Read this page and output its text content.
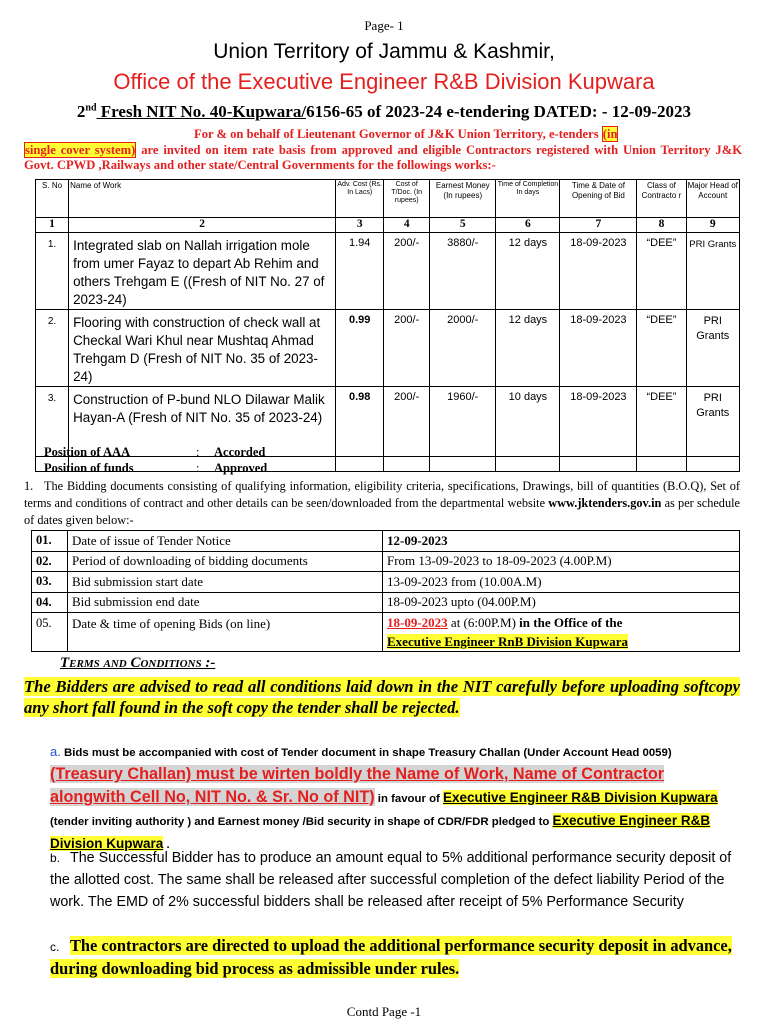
Page- 1
Union Territory of Jammu & Kashmir,
Office of the Executive Engineer R&B Division Kupwara
2nd Fresh NIT No. 40-Kupwara/6156-65 of 2023-24 e-tendering DATED: - 12-09-2023
For & on behalf of Lieutenant Governor of J&K Union Territory, e-tenders (in
single cover system) are invited on item rate basis from approved and eligible Contractors registered with Union Territory J&K Govt. CPWD ,Railways and other state/Central Governments for the followings works:-
S. No	Name of Work	Adv. Cost (Rs. In Lacs)	Cost of T/Doc. (In rupees)	Earnest Money (In rupees)	Time of Completion In days	Time & Date of Opening of Bid	Class of Contracto r	Major Head of Account
1	2	3	4	5	6	7	8	9
1.	Integrated slab on Nallah irrigation mole from umer Fayaz to depart Ab Rehim and others Trehgam E ((Fresh of NIT No. 27 of 2023-24)	1.94	200/-	3880/-	12 days	18-09-2023	“DEE”	PRI Grants
2.	Flooring with construction of check wall at Checkal Wari Khul near Mushtaq Ahmad Trehgam D (Fresh of NIT No. 35 of 2023-24)	0.99	200/-	2000/-	12 days	18-09-2023	“DEE”	PRI Grants
3.	Construction of P-bund NLO Dilawar Malik Hayan-A (Fresh of NIT No. 35 of 2023-24)	0.98	200/-	1960/-	10 days	18-09-2023	“DEE”	PRI Grants

Position of AAA	: Accorded
Position of funds	: Approved
1. The Bidding documents consisting of qualifying information, eligibility criteria, specifications, Drawings, bill of quantities (B.O.Q), Set of terms and conditions of contract and other details can be seen/downloaded from the departmental website www.jktenders.gov.in as per schedule of dates given below:-
01.	Date of issue of Tender Notice	12-09-2023
02.	Period of downloading of bidding documents	From 13-09-2023 to 18-09-2023 (4.00P.M)
03.	Bid submission start date	13-09-2023 from (10.00A.M)
04.	Bid submission end date	18-09-2023 upto (04.00P.M)
05.	Date & time of opening Bids (on line)	18-09-2023 at (6:00P.M) in the Office of the
Executive Engineer RnB Division Kupwara
Terms and Conditions :-
The Bidders are advised to read all conditions laid down in the NIT carefully before uploading softcopy any short fall found in the soft copy the tender shall be rejected.
a. Bids must be accompanied with cost of Tender document in shape Treasury Challan (Under Account Head 0059) (Treasury Challan) must be wirten boldly the Name of Work, Name of Contractor alongwith Cell No, NIT No. & Sr. No of NIT) in favour of Executive Engineer R&B Division Kupwara (tender inviting authority ) and Earnest money /Bid security in shape of CDR/FDR pledged to Executive Engineer R&B Division Kupwara .
b. The Successful Bidder has to produce an amount equal to 5% additional performance security deposit of the allotted cost. The same shall be released after successful completion of the defect liability Period of the work. The EMD of 2% successful bidders shall be released after receipt of 5% Performance Security
c. The contractors are directed to upload the additional performance security deposit in advance, during downloading bid process as admissible under rules.
Contd Page -1
